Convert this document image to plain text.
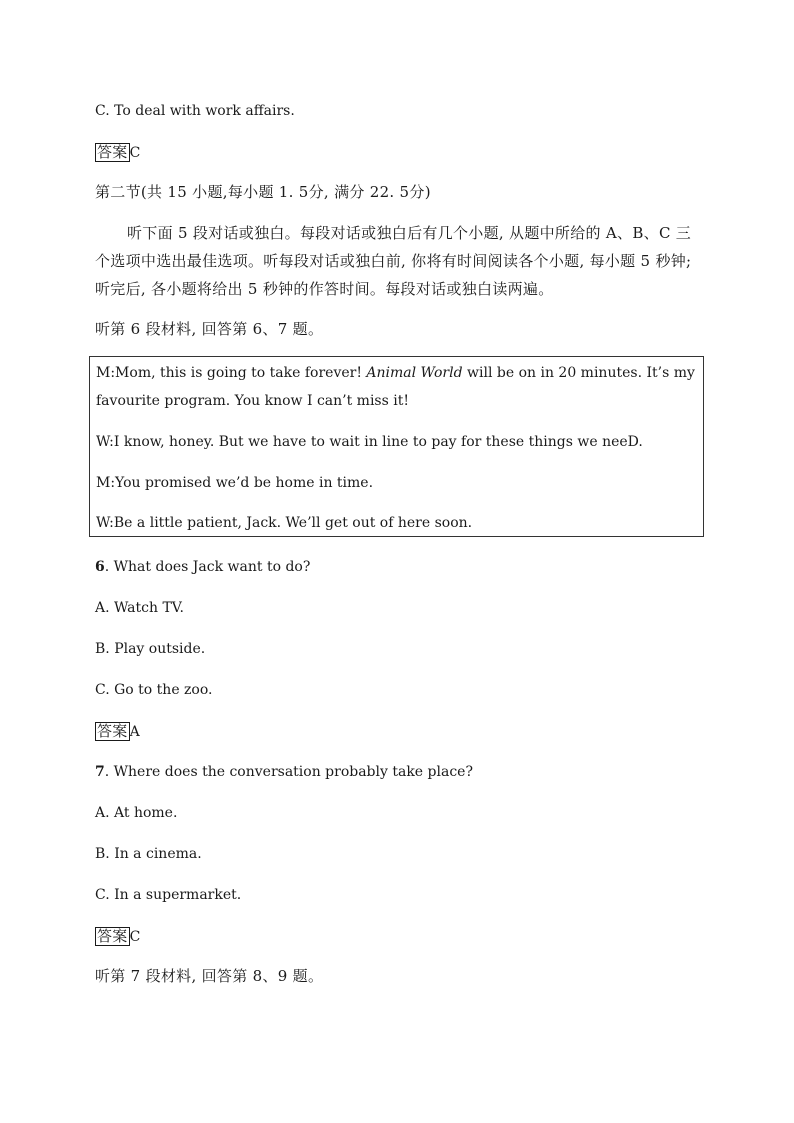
C. To deal with work affairs.
答案 C
第二节(共 15 小题,每小题 1. 5分, 满分 22. 5分)
听下面 5 段对话或独白。每段对话或独白后有几个小题, 从题中所给的 A、B、C 三个选项中选出最佳选项。听每段对话或独白前, 你将有时间阅读各个小题, 每小题 5 秒钟;听完后, 各小题将给出 5 秒钟的作答时间。每段对话或独白读两遍。
听第 6 段材料, 回答第 6、7 题。
M:Mom, this is going to take forever! Animal World will be on in 20 minutes. It’s my
favourite program. You know I can’t miss it!
W:I know, honey. But we have to wait in line to pay for these things we neeD.
M:You promised we’d be home in time.
W:Be a little patient, Jack. We’ll get out of here soon.
6. What does Jack want to do?
A. Watch TV.
B. Play outside.
C. Go to the zoo.
答案 A
7. Where does the conversation probably take place?
A. At home.
B. In a cinema.
C. In a supermarket.
答案 C
听第 7 段材料, 回答第 8、9 题。
